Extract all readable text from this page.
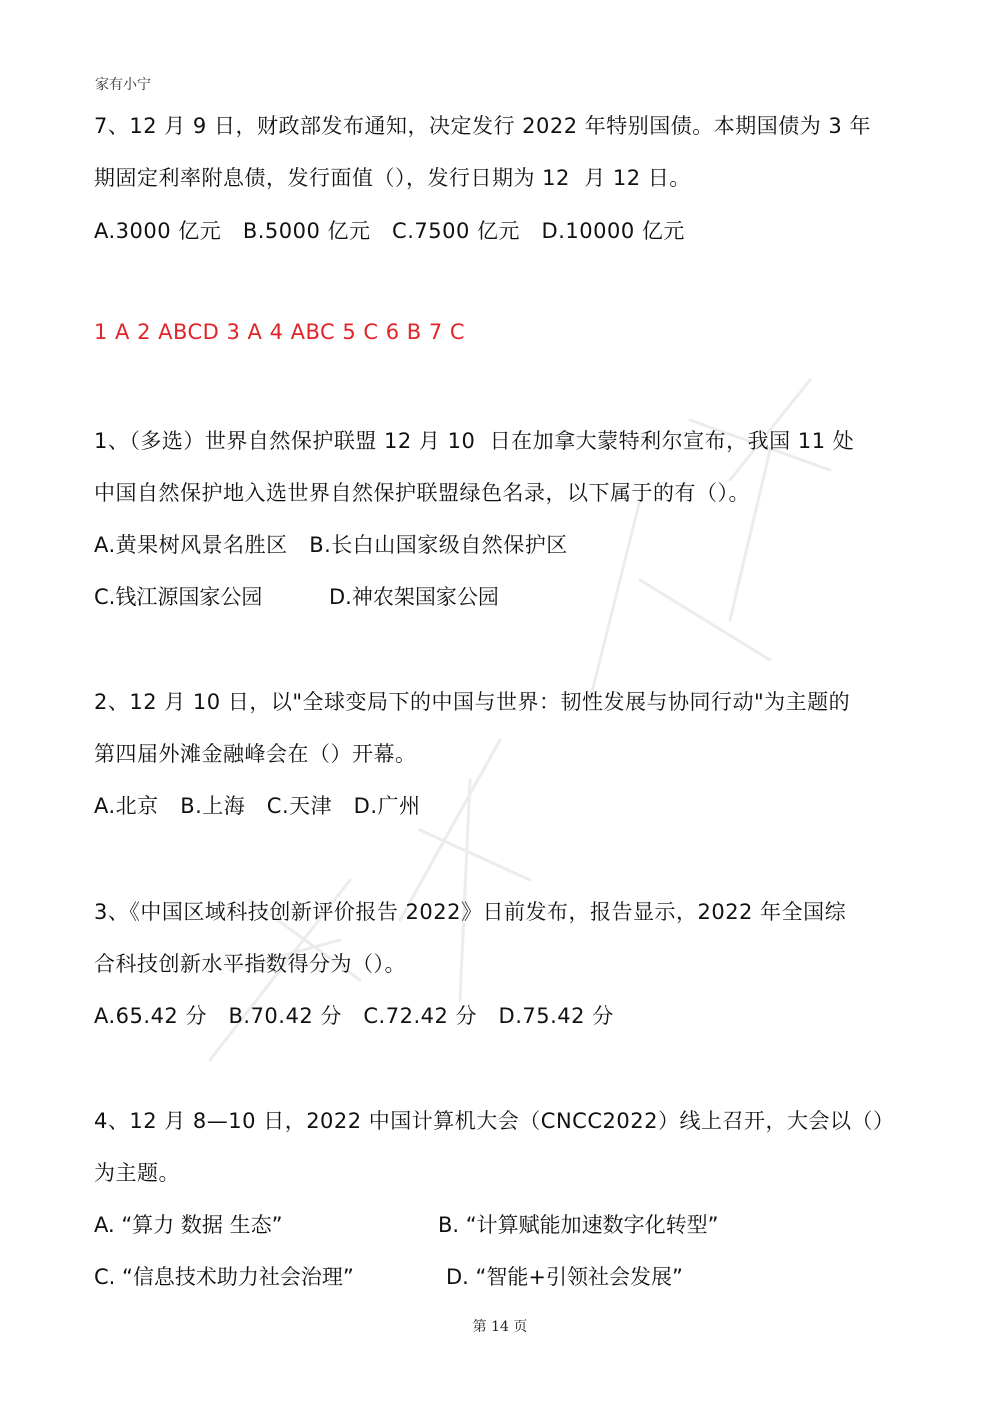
家有小宁
7、12 月 9 日，财政部发布通知，决定发行 2022 年特别国债。本期国债为 3 年
期固定利率附息债，发行面值（），发行日期为 12  月 12 日。
A.3000 亿元   B.5000 亿元   C.7500 亿元   D.10000 亿元
1 A 2 ABCD 3 A 4 ABC 5 C 6 B 7 C
1、（多选）世界自然保护联盟 12 月 10  日在加拿大蒙特利尔宣布，我国 11 处
中国自然保护地入选世界自然保护联盟绿色名录，以下属于的有（）。
A.黄果树风景名胜区   B.长白山国家级自然保护区
C.钱江源国家公园	D.神农架国家公园
2、12 月 10 日，以"全球变局下的中国与世界：韧性发展与协同行动"为主题的
第四届外滩金融峰会在（）开幕。
A.北京   B.上海   C.天津   D.广州
3、《中国区域科技创新评价报告 2022》日前发布，报告显示，2022 年全国综
合科技创新水平指数得分为（）。
A.65.42 分   B.70.42 分   C.72.42 分   D.75.42 分
4、12 月 8—10 日，2022 中国计算机大会（CNCC2022）线上召开，大会以（）
为主题。
A. “算力 数据 生态”	B. “计算赋能加速数字化转型”
C. “信息技术助力社会治理”	D. “智能+引领社会发展”
第 14 页
